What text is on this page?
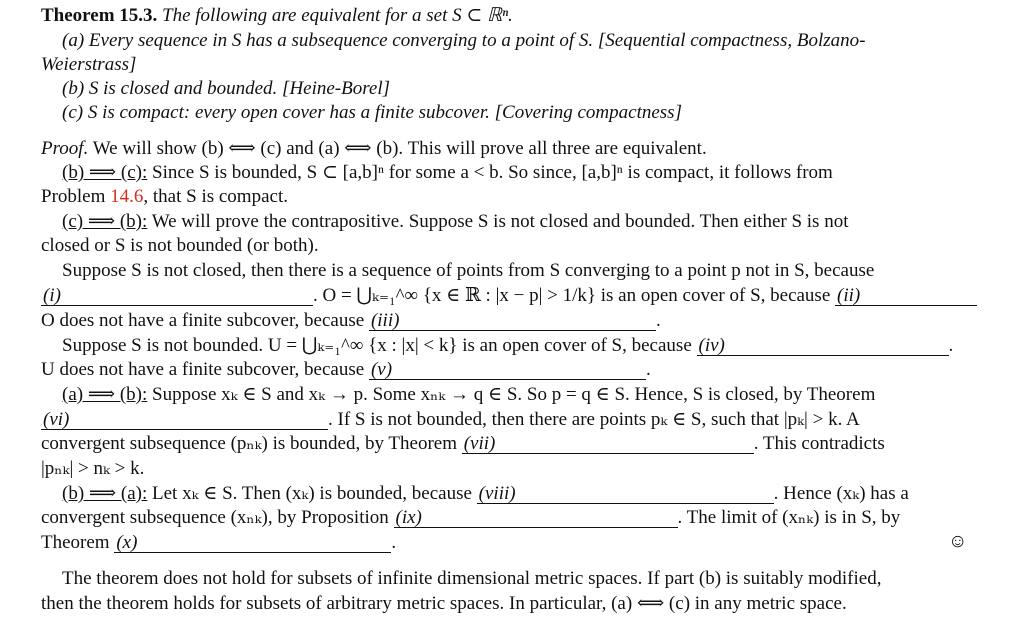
Theorem 15.3. The following are equivalent for a set S ⊂ ℝⁿ.
(a) Every sequence in S has a subsequence converging to a point of S. [Sequential compactness, Bolzano-
Weierstrass]
(b) S is closed and bounded. [Heine-Borel]
(c) S is compact: every open cover has a finite subcover. [Covering compactness]
Proof. We will show (b) ⟺ (c) and (a) ⟺ (b). This will prove all three are equivalent.
(b) ⟹ (c): Since S is bounded, S ⊂ [a,b]ⁿ for some a < b. So since, [a,b]ⁿ is compact, it follows from
Problem 14.6, that S is compact.
(c) ⟹ (b): We will prove the contrapositive. Suppose S is not closed and bounded. Then either S is not
closed or S is not bounded (or both).
Suppose S is not closed, then there is a sequence of points from S converging to a point p not in S, because
(i)	. O = ⋃ₖ₌₁^∞ {x ∈ ℝ : |x − p| > 1/k} is an open cover of S, because (ii)
O does not have a finite subcover, because (iii)	.
Suppose S is not bounded. U = ⋃ₖ₌₁^∞ {x : |x| < k} is an open cover of S, because (iv)	.
U does not have a finite subcover, because (v)	.
(a) ⟹ (b): Suppose xₖ ∈ S and xₖ → p. Some xₙₖ → q ∈ S. So p = q ∈ S. Hence, S is closed, by Theorem
(vi)	. If S is not bounded, then there are points pₖ ∈ S, such that |pₖ| > k. A
convergent subsequence (pₙₖ) is bounded, by Theorem (vii)	. This contradicts
|pₙₖ| > nₖ > k.
(b) ⟹ (a): Let xₖ ∈ S. Then (xₖ) is bounded, because (viii)	. Hence (xₖ) has a
convergent subsequence (xₙₖ), by Proposition (ix)	. The limit of (xₙₖ) is in S, by
Theorem (x)	.	☺
The theorem does not hold for subsets of infinite dimensional metric spaces. If part (b) is suitably modified,
then the theorem holds for subsets of arbitrary metric spaces. In particular, (a) ⟺ (c) in any metric space.
